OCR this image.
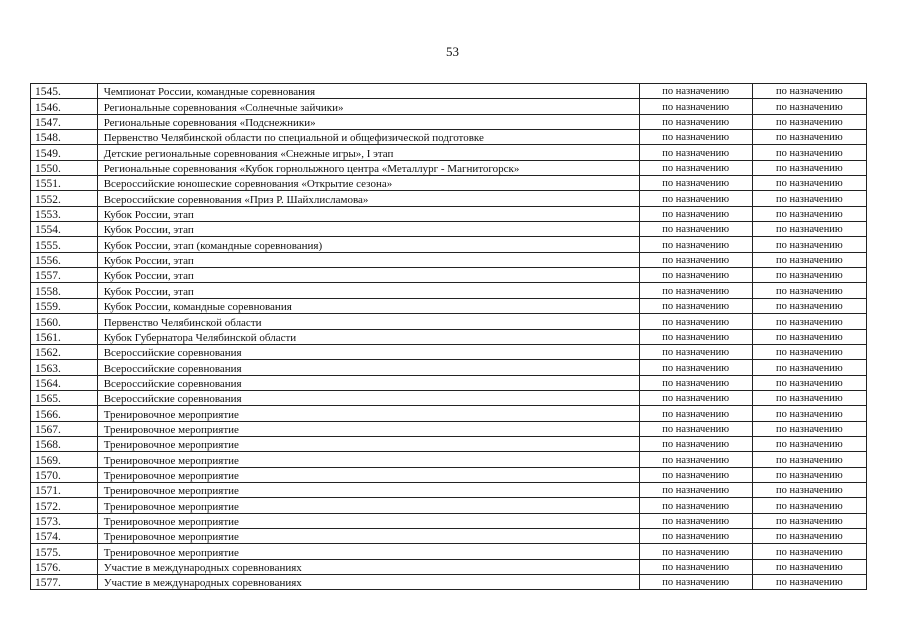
53
1545.	Чемпионат России, командные соревнования	по назначению	по назначению
1546.	Региональные соревнования «Солнечные зайчики»	по назначению	по назначению
1547.	Региональные соревнования «Подснежники»	по назначению	по назначению
1548.	Первенство Челябинской области по специальной и общефизической подготовке	по назначению	по назначению
1549.	Детские региональные соревнования «Снежные игры», I этап	по назначению	по назначению
1550.	Региональные соревнования «Кубок горнолыжного центра «Металлург - Магнитогорск»	по назначению	по назначению
1551.	Всероссийские юношеские соревнования «Открытие сезона»	по назначению	по назначению
1552.	Всероссийские соревнования «Приз Р. Шайхлисламова»	по назначению	по назначению
1553.	Кубок России, этап	по назначению	по назначению
1554.	Кубок России, этап	по назначению	по назначению
1555.	Кубок России, этап (командные соревнования)	по назначению	по назначению
1556.	Кубок России, этап	по назначению	по назначению
1557.	Кубок России, этап	по назначению	по назначению
1558.	Кубок России, этап	по назначению	по назначению
1559.	Кубок России, командные соревнования	по назначению	по назначению
1560.	Первенство Челябинской области	по назначению	по назначению
1561.	Кубок Губернатора Челябинской области	по назначению	по назначению
1562.	Всероссийские соревнования	по назначению	по назначению
1563.	Всероссийские соревнования	по назначению	по назначению
1564.	Всероссийские соревнования	по назначению	по назначению
1565.	Всероссийские соревнования	по назначению	по назначению
1566.	Тренировочное мероприятие	по назначению	по назначению
1567.	Тренировочное мероприятие	по назначению	по назначению
1568.	Тренировочное мероприятие	по назначению	по назначению
1569.	Тренировочное мероприятие	по назначению	по назначению
1570.	Тренировочное мероприятие	по назначению	по назначению
1571.	Тренировочное мероприятие	по назначению	по назначению
1572.	Тренировочное мероприятие	по назначению	по назначению
1573.	Тренировочное мероприятие	по назначению	по назначению
1574.	Тренировочное мероприятие	по назначению	по назначению
1575.	Тренировочное мероприятие	по назначению	по назначению
1576.	Участие в международных соревнованиях	по назначению	по назначению
1577.	Участие в международных соревнованиях	по назначению	по назначению
